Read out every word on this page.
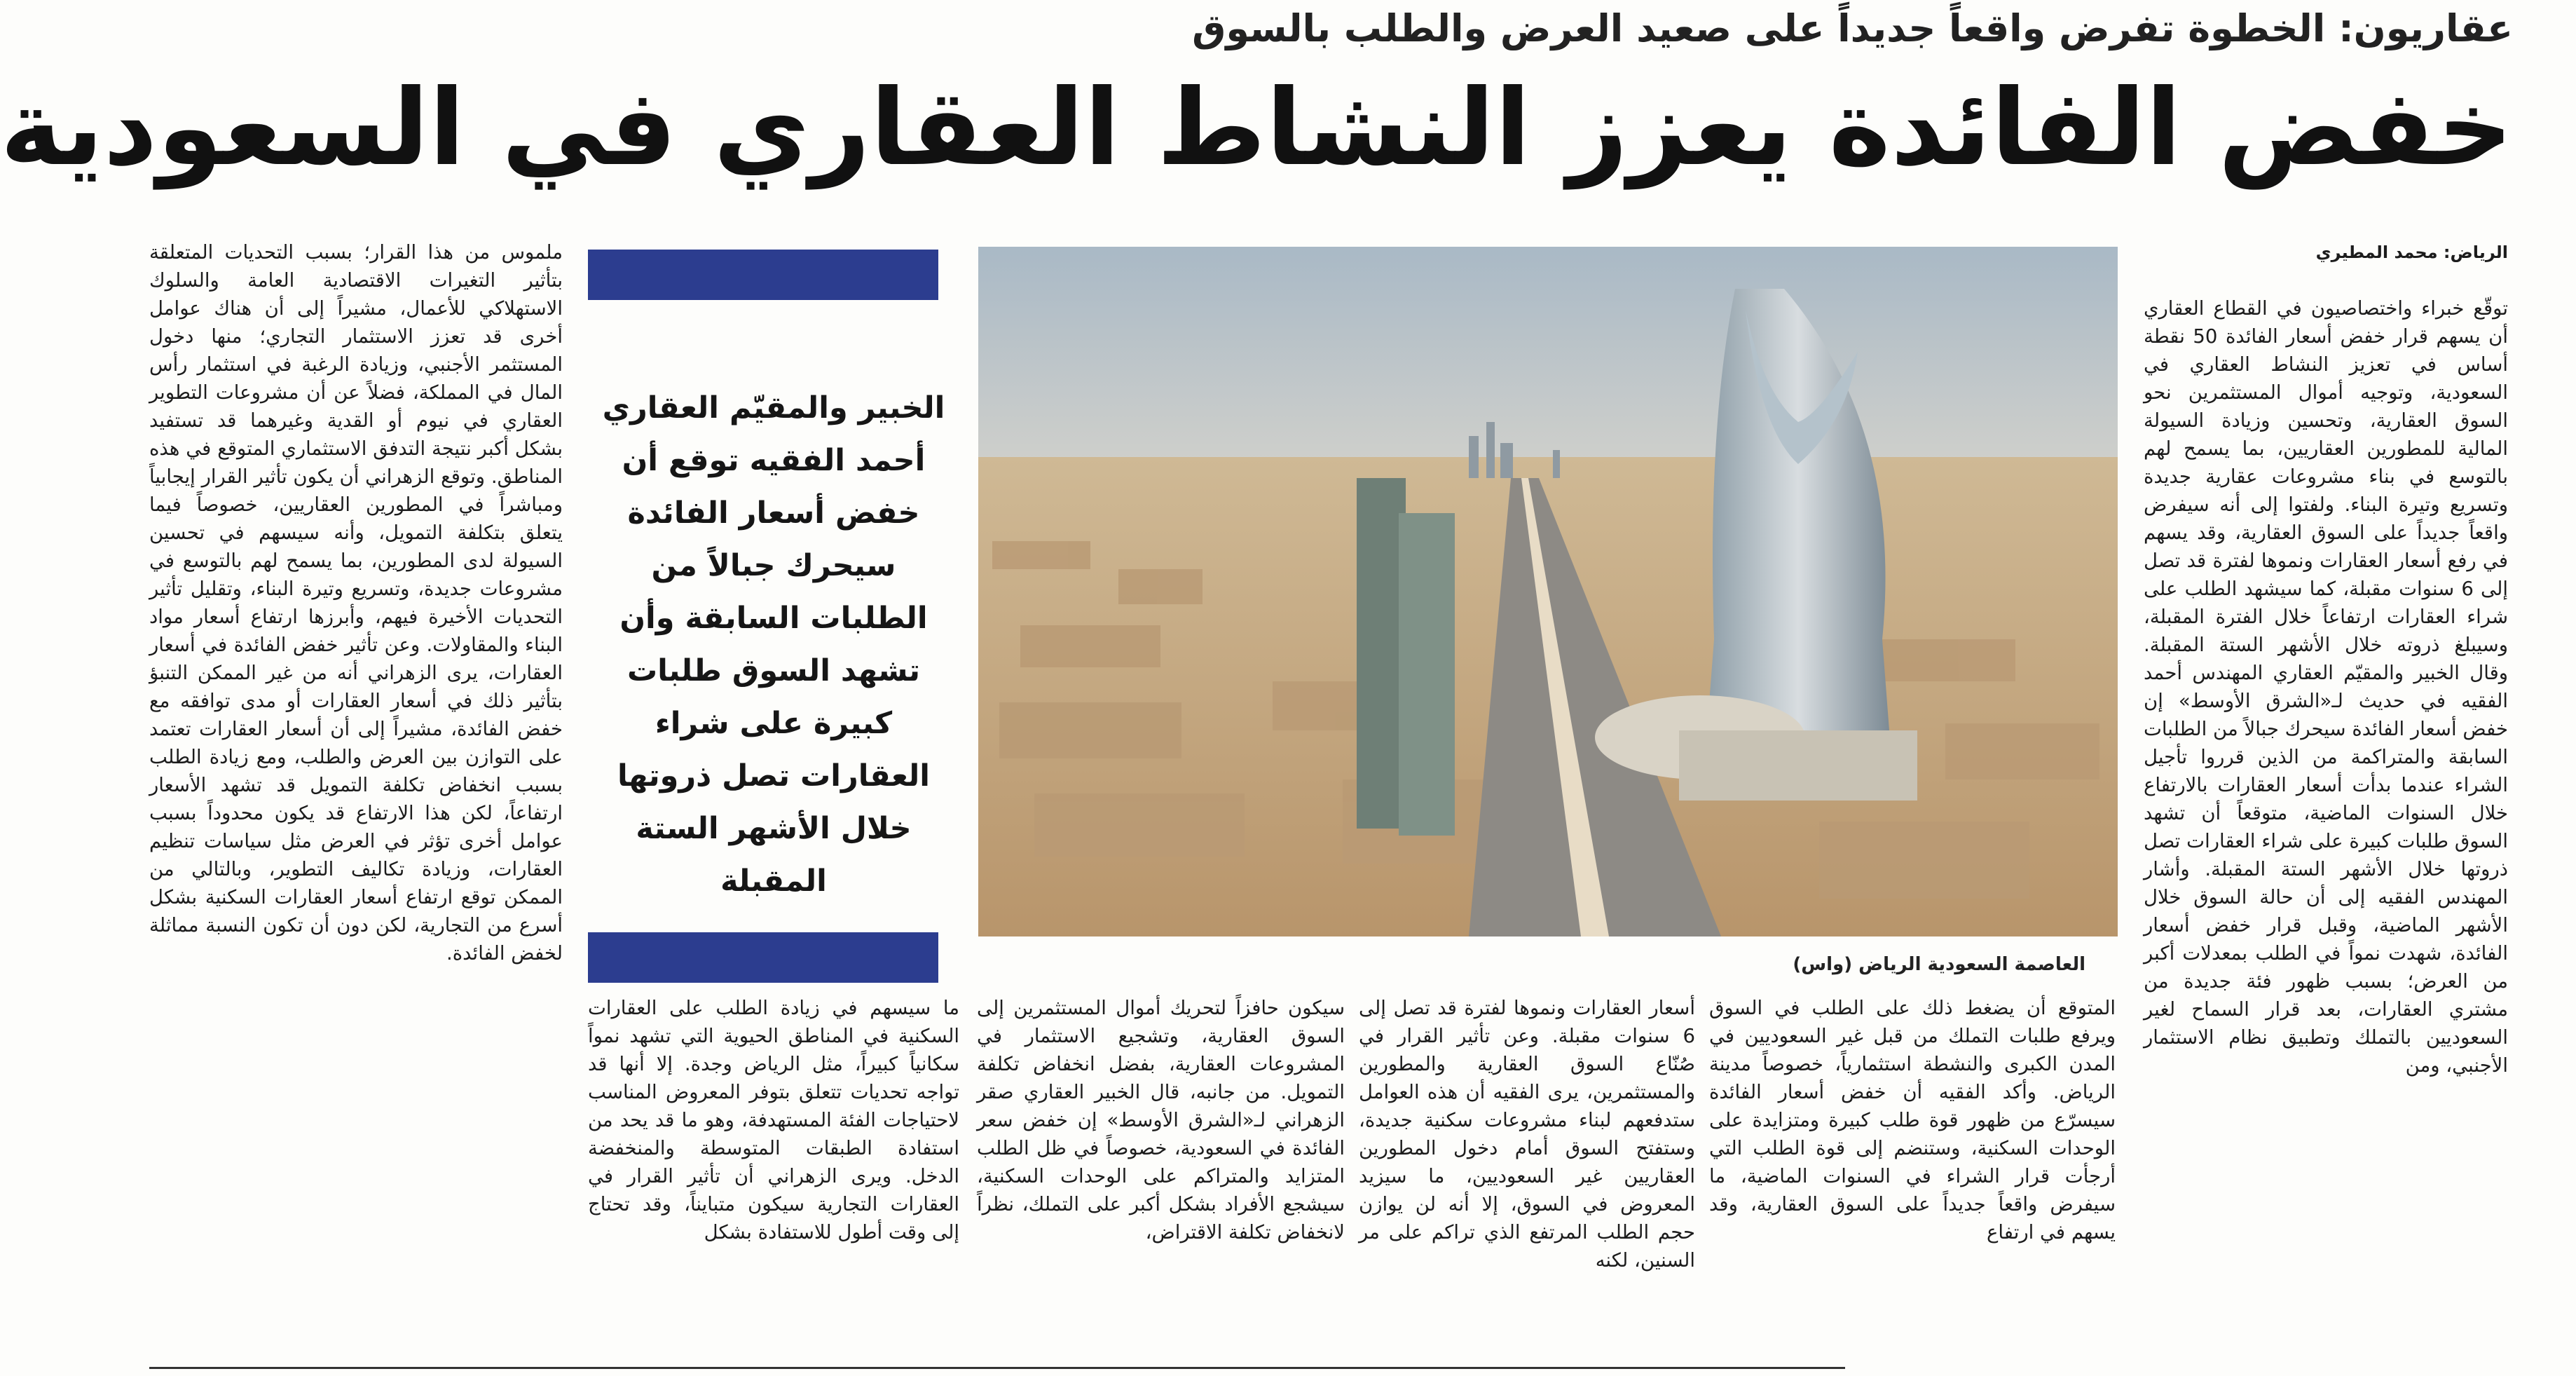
عقاريون: الخطوة تفرض واقعاً جديداً على صعيد العرض والطلب بالسوق
خفض الفائدة يعزز النشاط العقاري في السعودية
الرياض: محمد المطيري

توقّع خبراء واختصاصيون في القطاع العقاري أن يسهم قرار خفض أسعار الفائدة 50 نقطة أساس في تعزيز النشاط العقاري في السعودية، وتوجيه أموال المستثمرين نحو السوق العقارية، وتحسين وزيادة السيولة المالية للمطورين العقاريين، بما يسمح لهم بالتوسع في بناء مشروعات عقارية جديدة وتسريع وتيرة البناء. ولفتوا إلى أنه سيفرض واقعاً جديداً على السوق العقارية، وقد يسهم في رفع أسعار العقارات ونموها لفترة قد تصل إلى 6 سنوات مقبلة، كما سيشهد الطلب على شراء العقارات ارتفاعاً خلال الفترة المقبلة، وسيبلغ ذروته خلال الأشهر الستة المقبلة. وقال الخبير والمقيّم العقاري المهندس أحمد الفقيه في حديث لـ«الشرق الأوسط» إن خفض أسعار الفائدة سيحرك جبالاً من الطلبات السابقة والمتراكمة من الذين قرروا تأجيل الشراء عندما بدأت أسعار العقارات بالارتفاع خلال السنوات الماضية، متوقعاً أن تشهد السوق طلبات كبيرة على شراء العقارات تصل ذروتها خلال الأشهر الستة المقبلة. وأشار المهندس الفقيه إلى أن حالة السوق خلال الأشهر الماضية، وقبل قرار خفض أسعار الفائدة، شهدت نمواً في الطلب بمعدلات أكبر من العرض؛ بسبب ظهور فئة جديدة من مشتري العقارات، بعد قرار السماح لغير السعوديين بالتملك وتطبيق نظام الاستثمار الأجنبي، ومن

العاصمة السعودية الرياض (واس)
الخبير والمقيّم العقاري أحمد الفقيه توقع أن خفض أسعار الفائدة سيحرك جبالاً من الطلبات السابقة وأن تشهد السوق طلبات كبيرة على شراء العقارات تصل ذروتها خلال الأشهر الستة المقبلة

ملموس من هذا القرار؛ بسبب التحديات المتعلقة بتأثير التغيرات الاقتصادية العامة والسلوك الاستهلاكي للأعمال، مشيراً إلى أن هناك عوامل أخرى قد تعزز الاستثمار التجاري؛ منها دخول المستثمر الأجنبي، وزيادة الرغبة في استثمار رأس المال في المملكة، فضلاً عن أن مشروعات التطوير العقاري في نيوم أو القدية وغيرهما قد تستفيد بشكل أكبر نتيجة التدفق الاستثماري المتوقع في هذه المناطق. وتوقع الزهراني أن يكون تأثير القرار إيجابياً ومباشراً في المطورين العقاريين، خصوصاً فيما يتعلق بتكلفة التمويل، وأنه سيسهم في تحسين السيولة لدى المطورين، بما يسمح لهم بالتوسع في مشروعات جديدة، وتسريع وتيرة البناء، وتقليل تأثير التحديات الأخيرة فيهم، وأبرزها ارتفاع أسعار مواد البناء والمقاولات. وعن تأثير خفض الفائدة في أسعار العقارات، يرى الزهراني أنه من غير الممكن التنبؤ بتأثير ذلك في أسعار العقارات أو مدى توافقه مع خفض الفائدة، مشيراً إلى أن أسعار العقارات تعتمد على التوازن بين العرض والطلب، ومع زيادة الطلب بسبب انخفاض تكلفة التمويل قد تشهد الأسعار ارتفاعاً، لكن هذا الارتفاع قد يكون محدوداً بسبب عوامل أخرى تؤثر في العرض مثل سياسات تنظيم العقارات، وزيادة تكاليف التطوير، وبالتالي من الممكن توقع ارتفاع أسعار العقارات السكنية بشكل أسرع من التجارية، لكن دون أن تكون النسبة مماثلة لخفض الفائدة.

المتوقع أن يضغط ذلك على الطلب في السوق ويرفع طلبات التملك من قبل غير السعوديين في المدن الكبرى والنشطة استثمارياً، خصوصاً مدينة الرياض. وأكد الفقيه أن خفض أسعار الفائدة سيسرّع من ظهور قوة طلب كبيرة ومتزايدة على الوحدات السكنية، وستنضم إلى قوة الطلب التي أرجأت قرار الشراء في السنوات الماضية، ما سيفرض واقعاً جديداً على السوق العقارية، وقد يسهم في ارتفاع

أسعار العقارات ونموها لفترة قد تصل إلى 6 سنوات مقبلة. وعن تأثير القرار في صُنّاع السوق العقارية والمطورين والمستثمرين، يرى الفقيه أن هذه العوامل ستدفعهم لبناء مشروعات سكنية جديدة، وستفتح السوق أمام دخول المطورين العقاريين غير السعوديين، ما سيزيد المعروض في السوق، إلا أنه لن يوازن حجم الطلب المرتفع الذي تراكم على مر السنين، لكنه

سيكون حافزاً لتحريك أموال المستثمرين إلى السوق العقارية، وتشجيع الاستثمار في المشروعات العقارية، بفضل انخفاض تكلفة التمويل. من جانبه، قال الخبير العقاري صقر الزهراني لـ«الشرق الأوسط» إن خفض سعر الفائدة في السعودية، خصوصاً في ظل الطلب المتزايد والمتراكم على الوحدات السكنية، سيشجع الأفراد بشكل أكبر على التملك، نظراً لانخفاض تكلفة الاقتراض،

ما سيسهم في زيادة الطلب على العقارات السكنية في المناطق الحيوية التي تشهد نمواً سكانياً كبيراً، مثل الرياض وجدة. إلا أنها قد تواجه تحديات تتعلق بتوفر المعروض المناسب لاحتياجات الفئة المستهدفة، وهو ما قد يحد من استفادة الطبقات المتوسطة والمنخفضة الدخل. ويرى الزهراني أن تأثير القرار في العقارات التجارية سيكون متبايناً، وقد تحتاج إلى وقت أطول للاستفادة بشكل
